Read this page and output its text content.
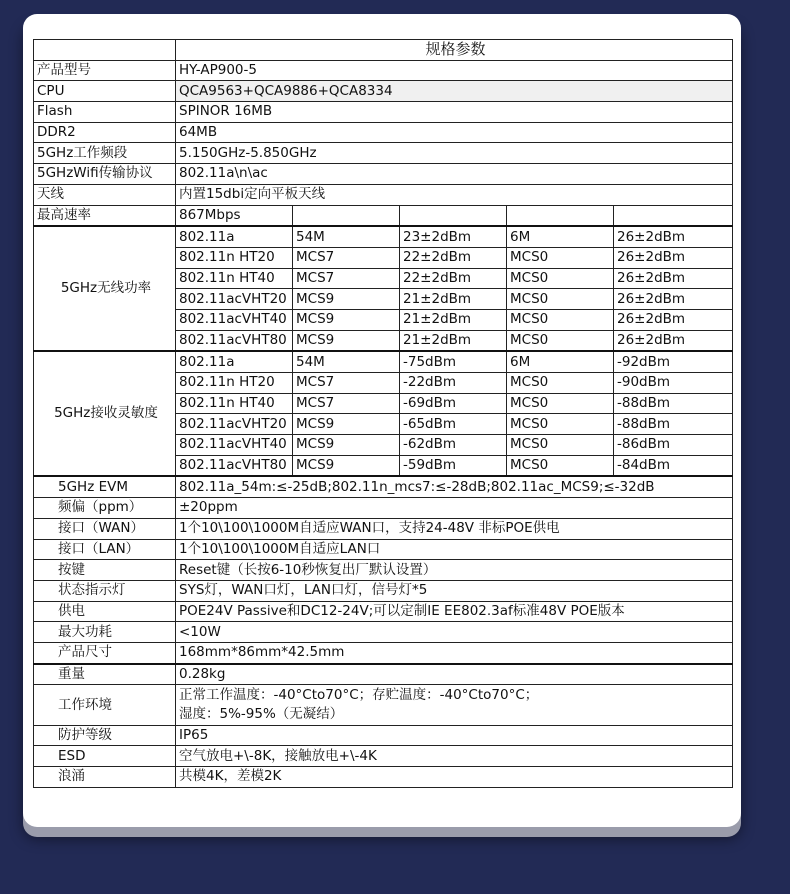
	规格参数				
产品型号	HY-AP900-5				
CPU	QCA9563+QCA9886+QCA8334				
Flash	SPINOR 16MB				
DDR2	64MB				
5GHz工作频段	5.150GHz-5.850GHz				
5GHzWifi传输协议	802.11a\n\ac				
天线	内置15dbi定向平板天线				
最高速率	867Mbps				
5GHz无线功率	802.11a	54M	23±2dBm	6M	26±2dBm
	802.11n HT20	MCS7	22±2dBm	MCS0	26±2dBm
	802.11n HT40	MCS7	22±2dBm	MCS0	26±2dBm
	802.11acVHT20	MCS9	21±2dBm	MCS0	26±2dBm
	802.11acVHT40	MCS9	21±2dBm	MCS0	26±2dBm
	802.11acVHT80	MCS9	21±2dBm	MCS0	26±2dBm
5GHz接收灵敏度	802.11a	54M	-75dBm	6M	-92dBm
	802.11n HT20	MCS7	-22dBm	MCS0	-90dBm
	802.11n HT40	MCS7	-69dBm	MCS0	-88dBm
	802.11acVHT20	MCS9	-65dBm	MCS0	-88dBm
	802.11acVHT40	MCS9	-62dBm	MCS0	-86dBm
	802.11acVHT80	MCS9	-59dBm	MCS0	-84dBm
5GHz EVM	802.11a_54m:≤-25dB;802.11n_mcs7:≤-28dB;802.11ac_MCS9;≤-32dB				
频偏（ppm）	±20ppm				
接口（WAN）	1个10\100\1000M自适应WAN口，支持24-48V 非标POE供电				
接口（LAN）	1个10\100\1000M自适应LAN口				
按键	Reset键（长按6-10秒恢复出厂默认设置）				
状态指示灯	SYS灯，WAN口灯，LAN口灯，信号灯*5				
供电	POE24V Passive和DC12-24V;可以定制IE EE802.3af标准48V POE版本				
最大功耗	<10W				
产品尺寸	168mm*86mm*42.5mm				
重量	0.28kg				
工作环境	正常工作温度：-40°Cto70°C；存贮温度：-40°Cto70°C；				
	湿度：5%-95%（无凝结）				
防护等级	IP65				
ESD	空气放电+\-8K，接触放电+\-4K				
浪涌	共模4K，差模2K				
